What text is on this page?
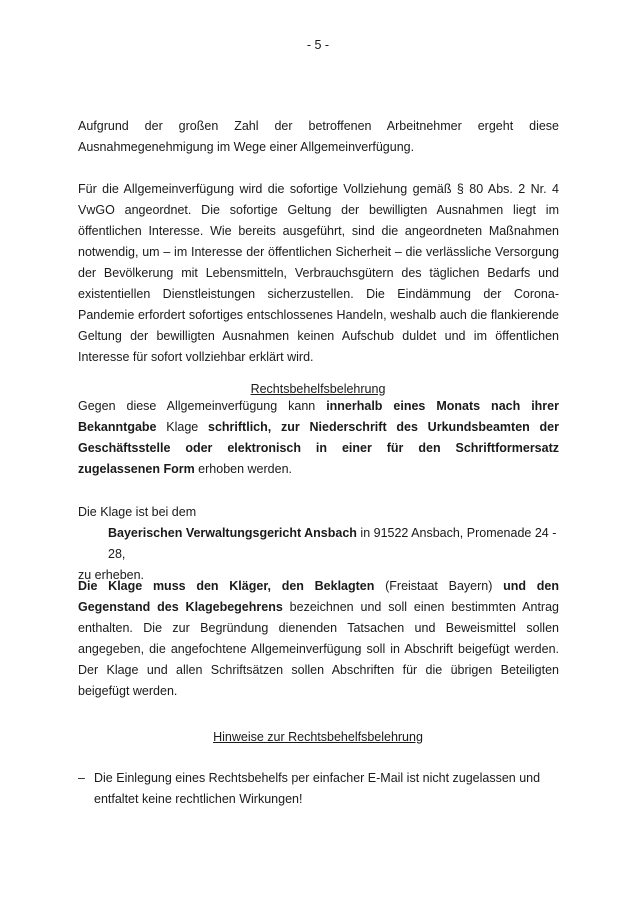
- 5 -
Aufgrund der großen Zahl der betroffenen Arbeitnehmer ergeht diese Ausnahmegenehmigung im Wege einer Allgemeinverfügung.
Für die Allgemeinverfügung wird die sofortige Vollziehung gemäß § 80 Abs. 2 Nr. 4 VwGO angeordnet. Die sofortige Geltung der bewilligten Ausnahmen liegt im öffentlichen Interesse. Wie bereits ausgeführt, sind die angeordneten Maßnahmen notwendig, um – im Interesse der öffentlichen Sicherheit – die verlässliche Versorgung der Bevölkerung mit Lebensmitteln, Verbrauchsgütern des täglichen Bedarfs und existentiellen Dienstleistungen sicherzustellen. Die Eindämmung der Corona-Pandemie erfordert sofortiges entschlossenes Handeln, weshalb auch die flankierende Geltung der bewilligten Ausnahmen keinen Aufschub duldet und im öffentlichen Interesse für sofort vollziehbar erklärt wird.
Rechtsbehelfsbelehrung
Gegen diese Allgemeinverfügung kann innerhalb eines Monats nach ihrer Bekanntgabe Klage schriftlich, zur Niederschrift des Urkundsbeamten der Geschäftsstelle oder elektronisch in einer für den Schriftformersatz zugelassenen Form erhoben werden.
Die Klage ist bei dem
Bayerischen Verwaltungsgericht Ansbach in 91522 Ansbach, Promenade 24 - 28,
zu erheben.
Die Klage muss den Kläger, den Beklagten (Freistaat Bayern) und den Gegenstand des Klagebegehrens bezeichnen und soll einen bestimmten Antrag enthalten. Die zur Begründung dienenden Tatsachen und Beweismittel sollen angegeben, die angefochtene Allgemeinverfügung soll in Abschrift beigefügt werden. Der Klage und allen Schriftsätzen sollen Abschriften für die übrigen Beteiligten beigefügt werden.
Hinweise zur Rechtsbehelfsbelehrung
– Die Einlegung eines Rechtsbehelfs per einfacher E-Mail ist nicht zugelassen und entfaltet keine rechtlichen Wirkungen!
